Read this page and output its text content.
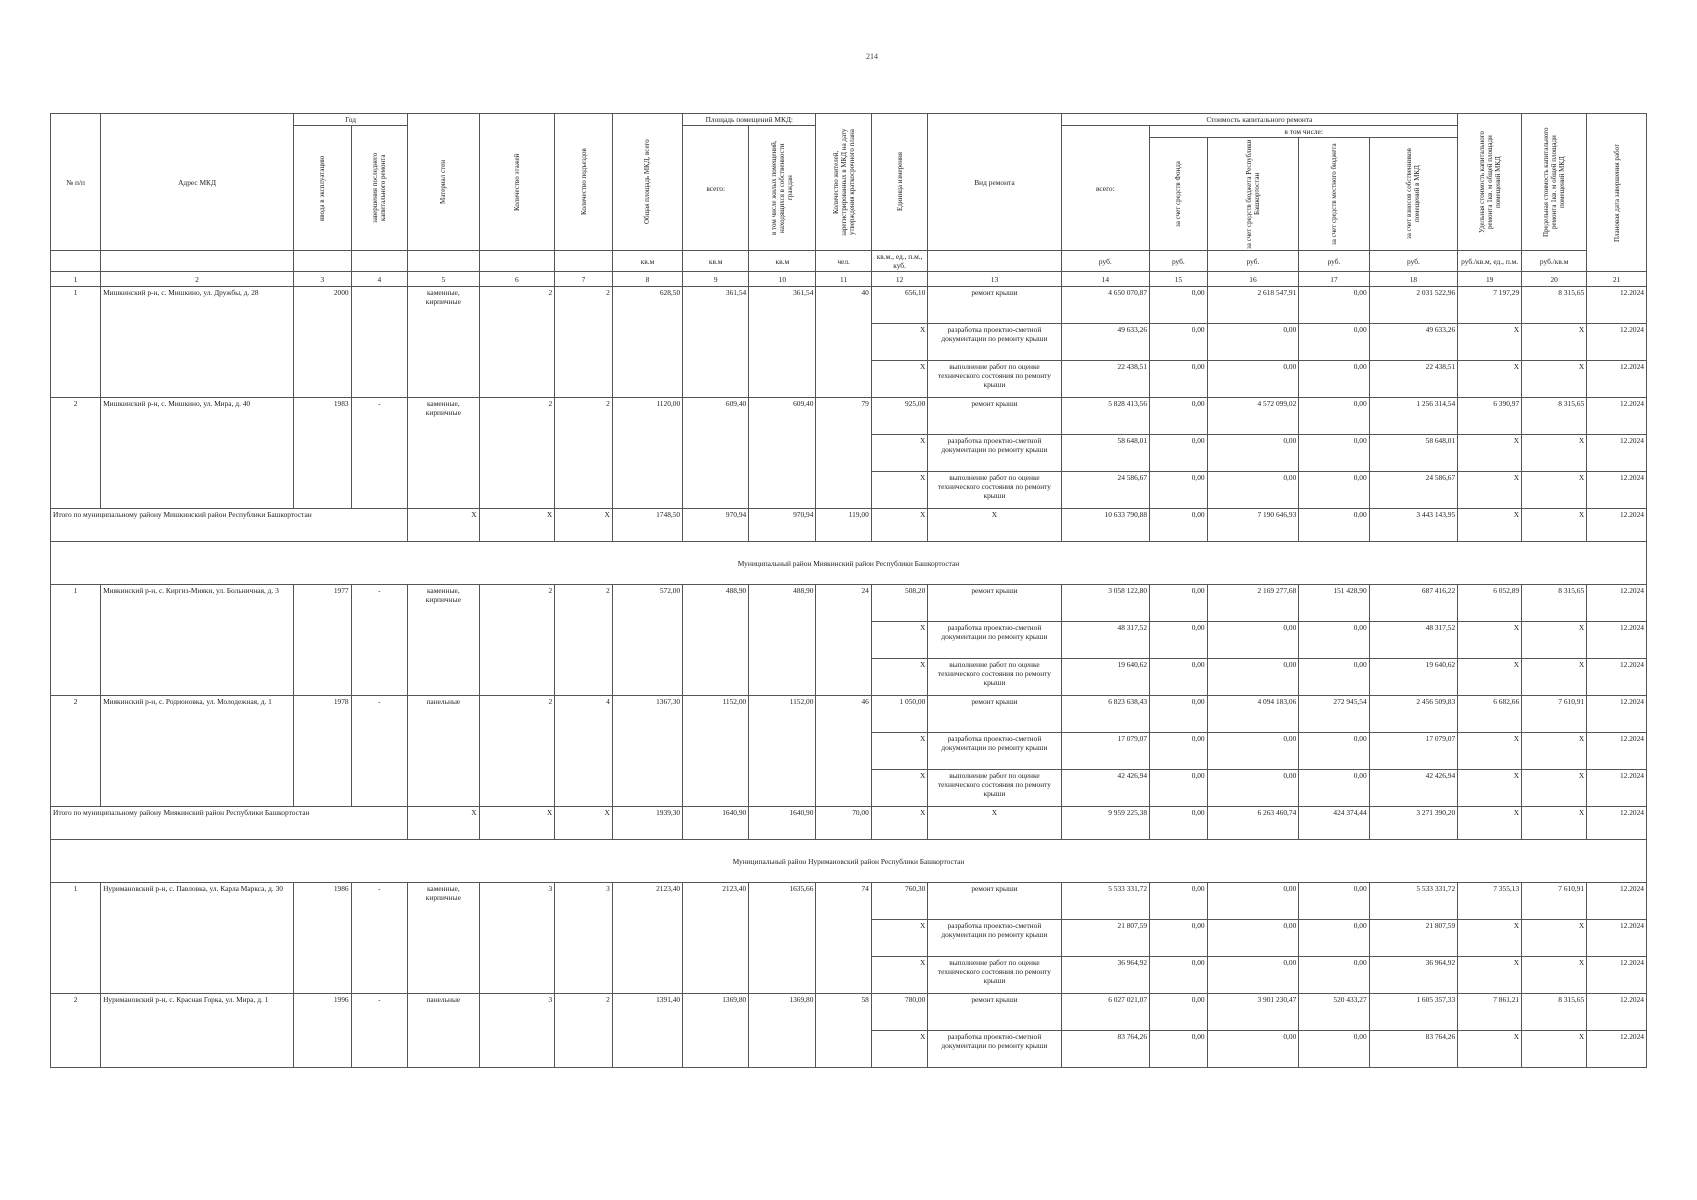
214
№ п/п	Адрес МКД	Год		Материал стен	Количество этажей	Количество подъездов	Общая площадь МКД, всего	Площадь помещений МКД:		Количество жителей, зарегистрированных в МКД на дату утверждения краткосрочного плана	Единица измерения	Вид ремонта	Стоимость капитального ремонта					Удельная стоимость капитального ремонта 1кв. м общей площади помещений МКД	Предельная стоимость капитального ремонта 1кв. м общей площади помещений МКД	Плановая дата завершения работ

		ввода в эксплуатацию	завершения последнего капитального ремонта					всего:	в том числе жилых помещений, находящихся в собственности граждан				всего:	в том числе:						

														за счет средств Фонда	за счет средств бюджета Республики Башкортостан	за счет средств местного бюджета	за счет взносов собственников помещений в МКД			

							кв.м	кв.м	кв.м	чел.	кв.м., ед., п.м., куб.		руб.	руб.	руб.	руб.	руб.	руб./кв.м, ед., п.м.	руб./кв.м	
1	2	3	4	5	6	7	8	9	10	11	12	13	14	15	16	17	18	19	20	21
1	Мишкинский р-н, с. Мишкино, ул. Дружбы, д. 28	2000		каменные, кирпичные	2	2	628,50	361,54	361,54	40	656,10	ремонт крыши	4 650 070,87	0,00	2 618 547,91	0,00	2 031 522,96	7 197,29	8 315,65	12.2024
											X	разработка проектно-сметной документации по ремонту крыши	49 633,26	0,00	0,00	0,00	49 633,26	X	X	12.2024
											X	выполнение работ по оценке технического состояния по ремонту крыши	22 438,51	0,00	0,00	0,00	22 438,51	X	X	12.2024
2	Мишкинский р-н, с. Мишкино, ул. Мира, д. 40	1983	-	каменные, кирпичные	2	2	1120,00	609,40	609,40	79	925,00	ремонт крыши	5 828 413,56	0,00	4 572 099,02	0,00	1 256 314,54	6 390,97	8 315,65	12.2024
											X	разработка проектно-сметной документации по ремонту крыши	58 648,01	0,00	0,00	0,00	58 648,01	X	X	12.2024
											X	выполнение работ по оценке технического состояния по ремонту крыши	24 586,67	0,00	0,00	0,00	24 586,67	X	X	12.2024
Итого по муниципальному району Мишкинский район Республики Башкортостан				X	X	X	1748,50	970,94	970,94	119,00	X	X	10 633 790,88	0,00	7 190 646,93	0,00	3 443 143,95	X	X	12.2024
Муниципальный район Миякинский район Республики Башкортостан																				
1	Миякинский р-н, с. Киргиз-Мияки, ул. Больничная, д. 3	1977	-	каменные, кирпичные	2	2	572,00	488,90	488,90	24	508,20	ремонт крыши	3 058 122,80	0,00	2 169 277,68	151 428,90	687 416,22	6 052,89	8 315,65	12.2024
											X	разработка проектно-сметной документации по ремонту крыши	48 317,52	0,00	0,00	0,00	48 317,52	X	X	12.2024
											X	выполнение работ по оценке технического состояния по ремонту крыши	19 640,62	0,00	0,00	0,00	19 640,62	X	X	12.2024
2	Миякинский р-н, с. Родионовка, ул. Молодежная, д. 1	1978	-	панельные	2	4	1367,30	1152,00	1152,00	46	1 050,00	ремонт крыши	6 823 638,43	0,00	4 094 183,06	272 945,54	2 456 509,83	6 682,66	7 610,91	12.2024
											X	разработка проектно-сметной документации по ремонту крыши	17 079,07	0,00	0,00	0,00	17 079,07	X	X	12.2024
											X	выполнение работ по оценке технического состояния по ремонту крыши	42 426,94	0,00	0,00	0,00	42 426,94	X	X	12.2024
Итого по муниципальному району Миякинский район Республики Башкортостан				X	X	X	1939,30	1640,90	1640,90	70,00	X	X	9 959 225,38	0,00	6 263 460,74	424 374,44	3 271 390,20	X	X	12.2024
Муниципальный район Нуримановский район Республики Башкортостан																				
1	Нуримановский р-н, с. Павловка, ул. Карла Маркса, д. 30	1986	-	каменные, кирпичные	3	3	2123,40	2123,40	1635,66	74	760,30	ремонт крыши	5 533 331,72	0,00	0,00	0,00	5 533 331,72	7 355,13	7 610,91	12.2024
											X	разработка проектно-сметной документации по ремонту крыши	21 807,59	0,00	0,00	0,00	21 807,59	X	X	12.2024
											X	выполнение работ по оценке технического состояния по ремонту крыши	36 964,92	0,00	0,00	0,00	36 964,92	X	X	12.2024
2	Нуримановский р-н, с. Красная Горка, ул. Мира, д. 1	1996	-	панельные	3	2	1391,40	1369,80	1369,80	58	780,00	ремонт крыши	6 027 021,07	0,00	3 901 230,47	520 433,27	1 605 357,33	7 861,21	8 315,65	12.2024
											X	разработка проектно-сметной документации по ремонту крыши	83 764,26	0,00	0,00	0,00	83 764,26	X	X	12.2024
